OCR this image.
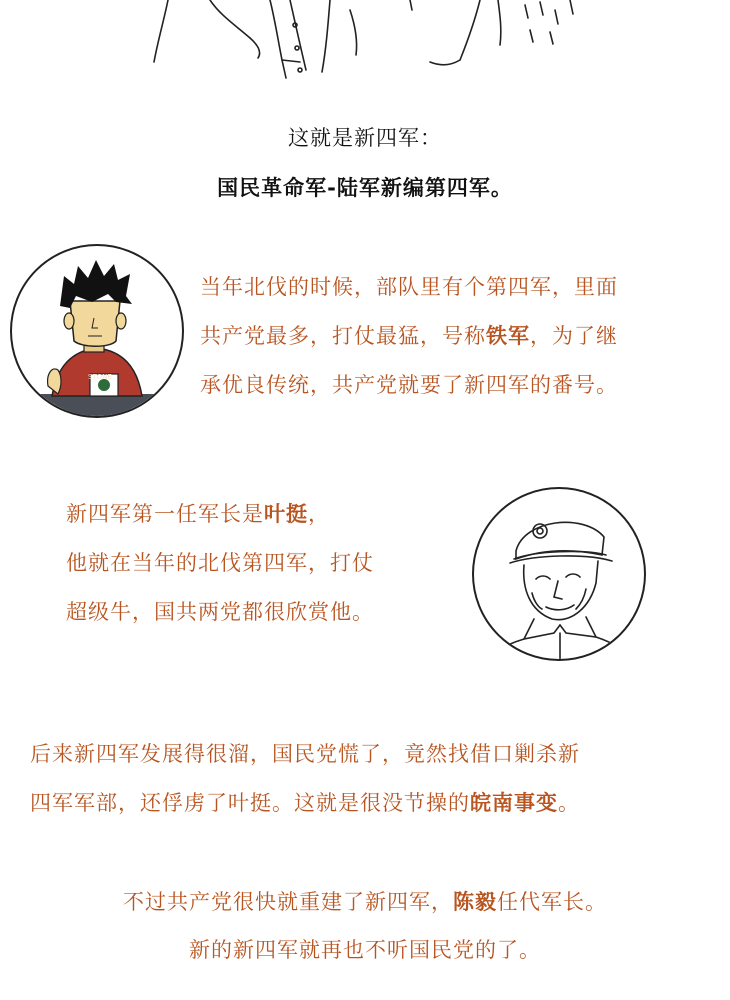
这就是新四军：
国民革命军-陆军新编第四军。
STONE
当年北伐的时候，部队里有个第四军，里面
共产党最多，打仗最猛，号称铁军，为了继
承优良传统，共产党就要了新四军的番号。
新四军第一任军长是叶挺，
他就在当年的北伐第四军，打仗
超级牛，国共两党都很欣赏他。
后来新四军发展得很溜，国民党慌了，竟然找借口剿杀新
四军军部，还俘虏了叶挺。这就是很没节操的皖南事变。
不过共产党很快就重建了新四军，陈毅任代军长。
新的新四军就再也不听国民党的了。
